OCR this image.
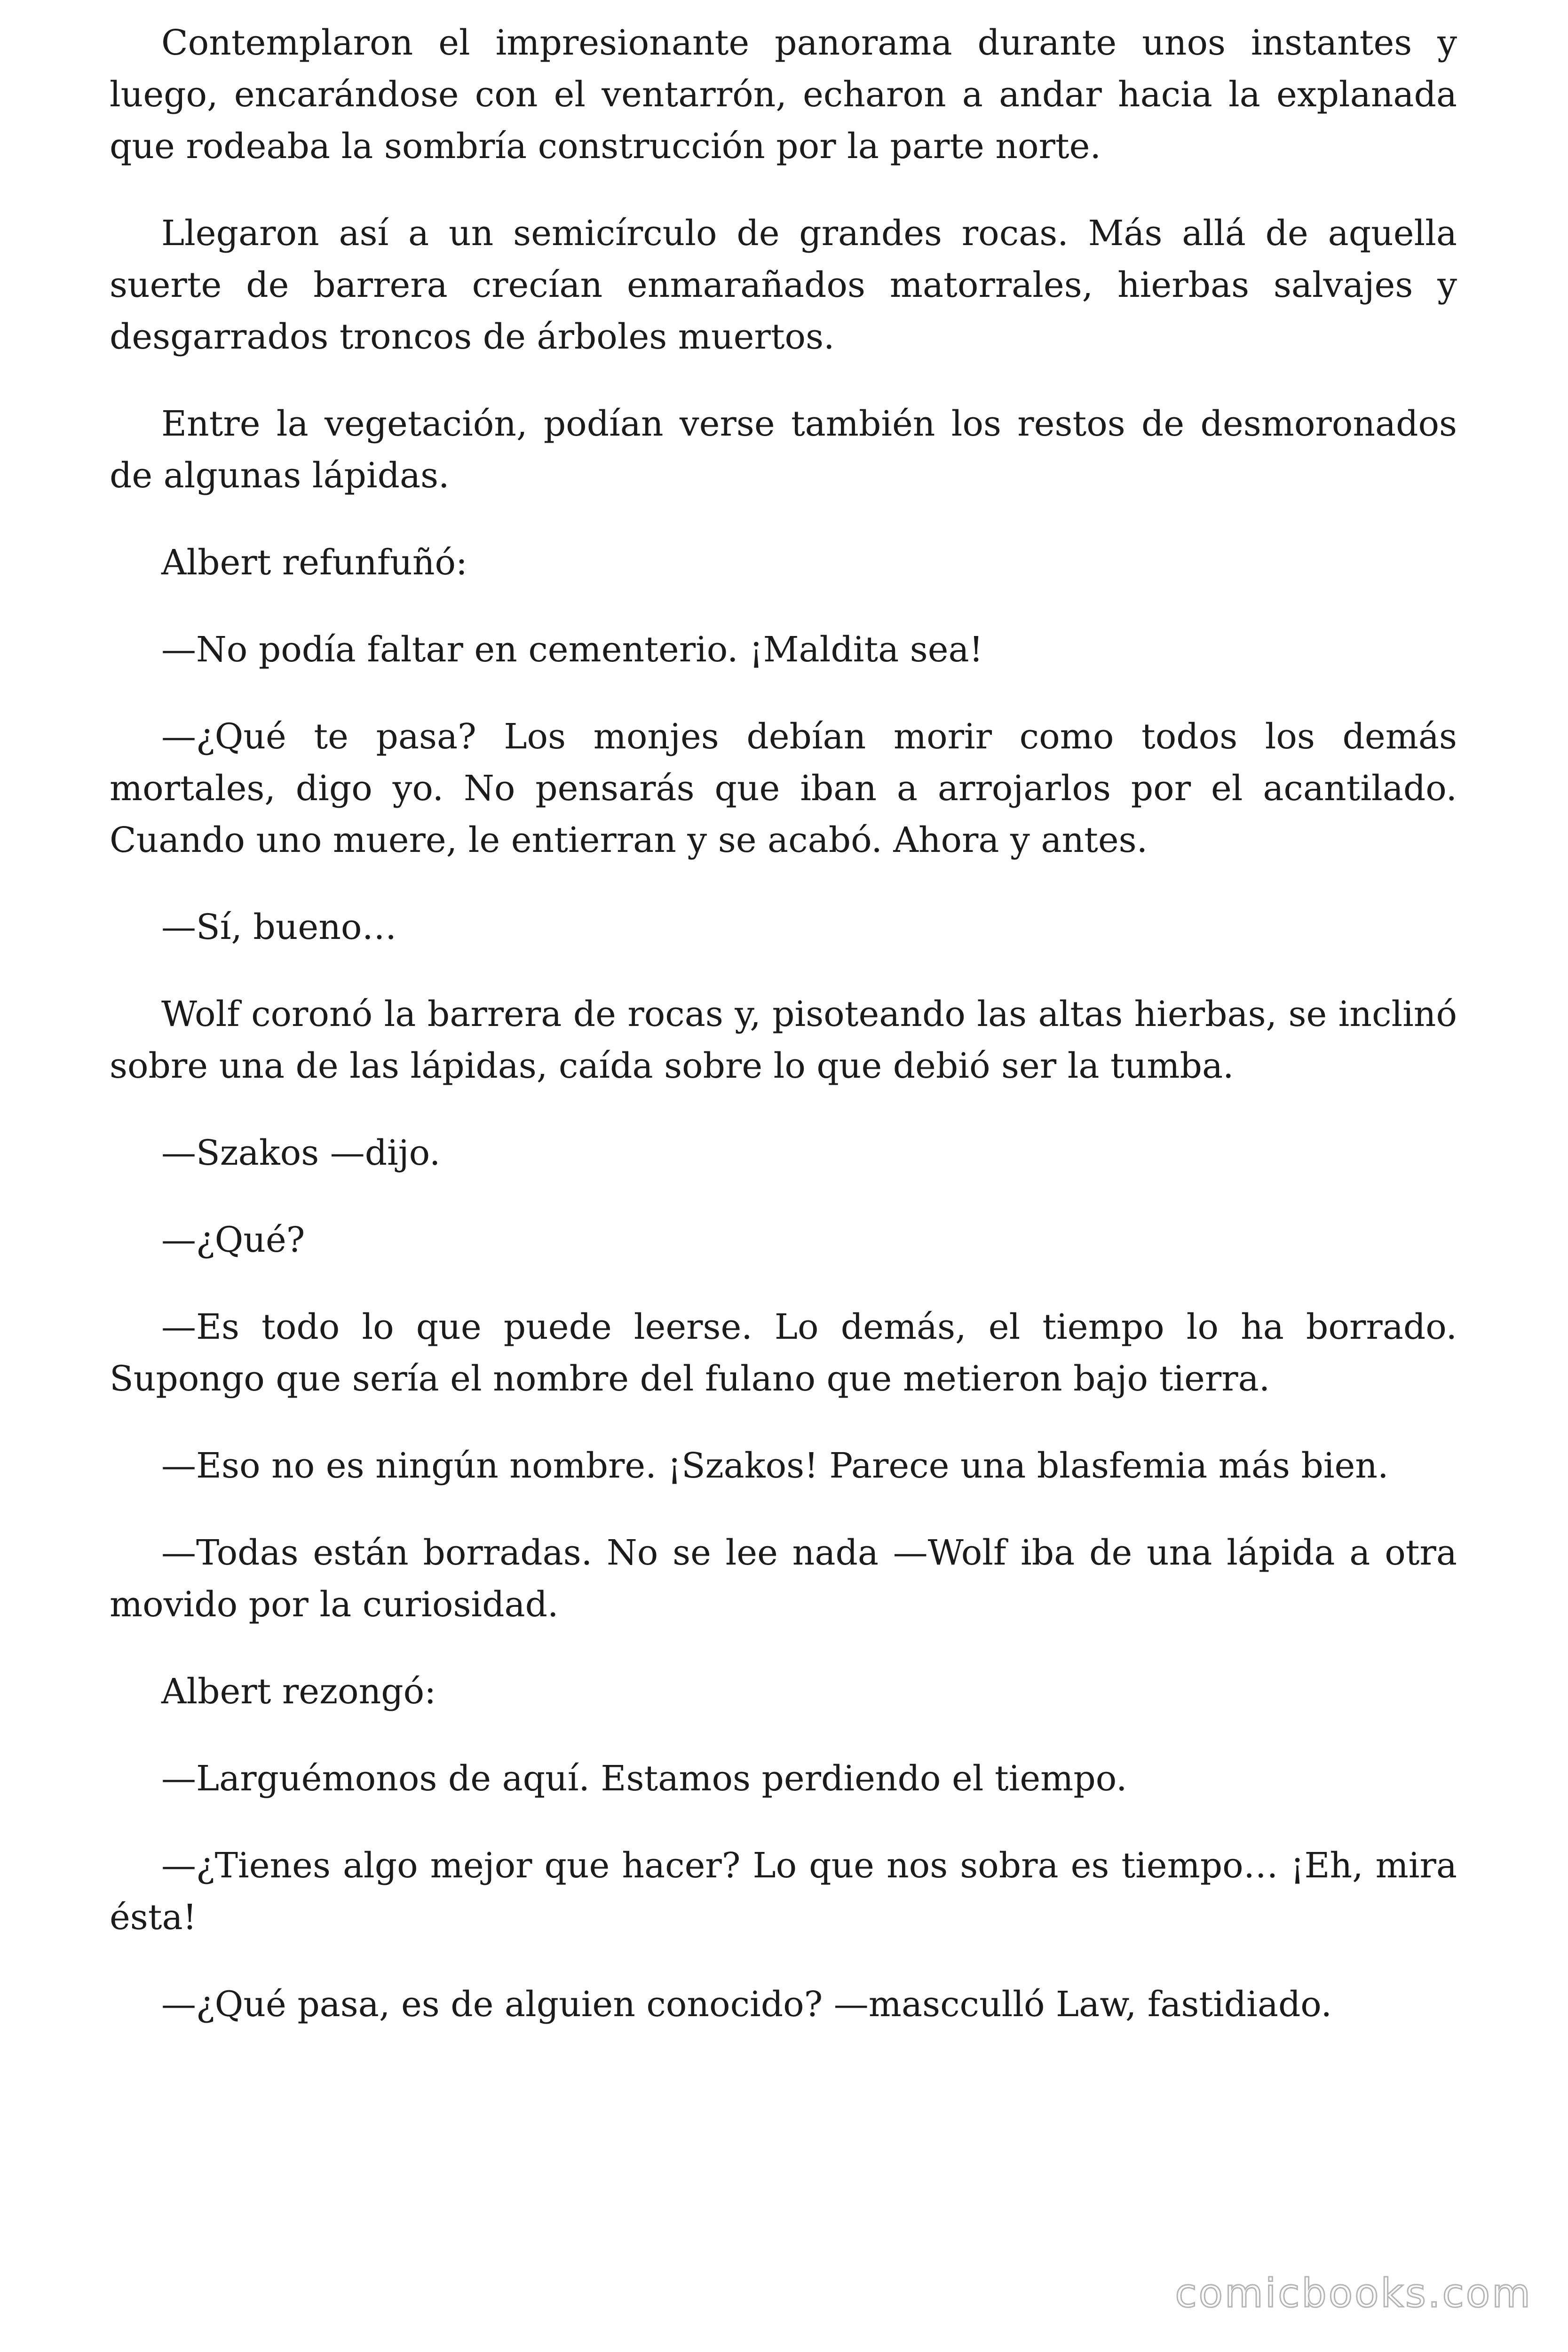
Contemplaron el impresionante panorama durante unos instantes y luego, encarándose con el ventarrón, echaron a andar hacia la explanada que rodeaba la sombría construcción por la parte norte.

Llegaron así a un semicírculo de grandes rocas. Más allá de aquella suerte de barrera crecían enmarañados matorrales, hierbas salvajes y desgarrados troncos de árboles muertos.

Entre la vegetación, podían verse también los restos de desmoronados de algunas lápidas.

Albert refunfuñó:

—No podía faltar en cementerio. ¡Maldita sea!

—¿Qué te pasa? Los monjes debían morir como todos los demás mortales, digo yo. No pensarás que iban a arrojarlos por el acantilado. Cuando uno muere, le entierran y se acabó. Ahora y antes.

—Sí, bueno…

Wolf coronó la barrera de rocas y, pisoteando las altas hierbas, se inclinó sobre una de las lápidas, caída sobre lo que debió ser la tumba.

—Szakos —dijo.

—¿Qué?

—Es todo lo que puede leerse. Lo demás, el tiempo lo ha borrado. Supongo que sería el nombre del fulano que metieron bajo tierra.

—Eso no es ningún nombre. ¡Szakos! Parece una blasfemia más bien.

—Todas están borradas. No se lee nada —Wolf iba de una lápida a otra movido por la curiosidad.

Albert rezongó:

—Larguémonos de aquí. Estamos perdiendo el tiempo.

—¿Tienes algo mejor que hacer? Lo que nos sobra es tiempo… ¡Eh, mira ésta!

—¿Qué pasa, es de alguien conocido? —mascculló Law, fastidiado.

comicbooks.com
